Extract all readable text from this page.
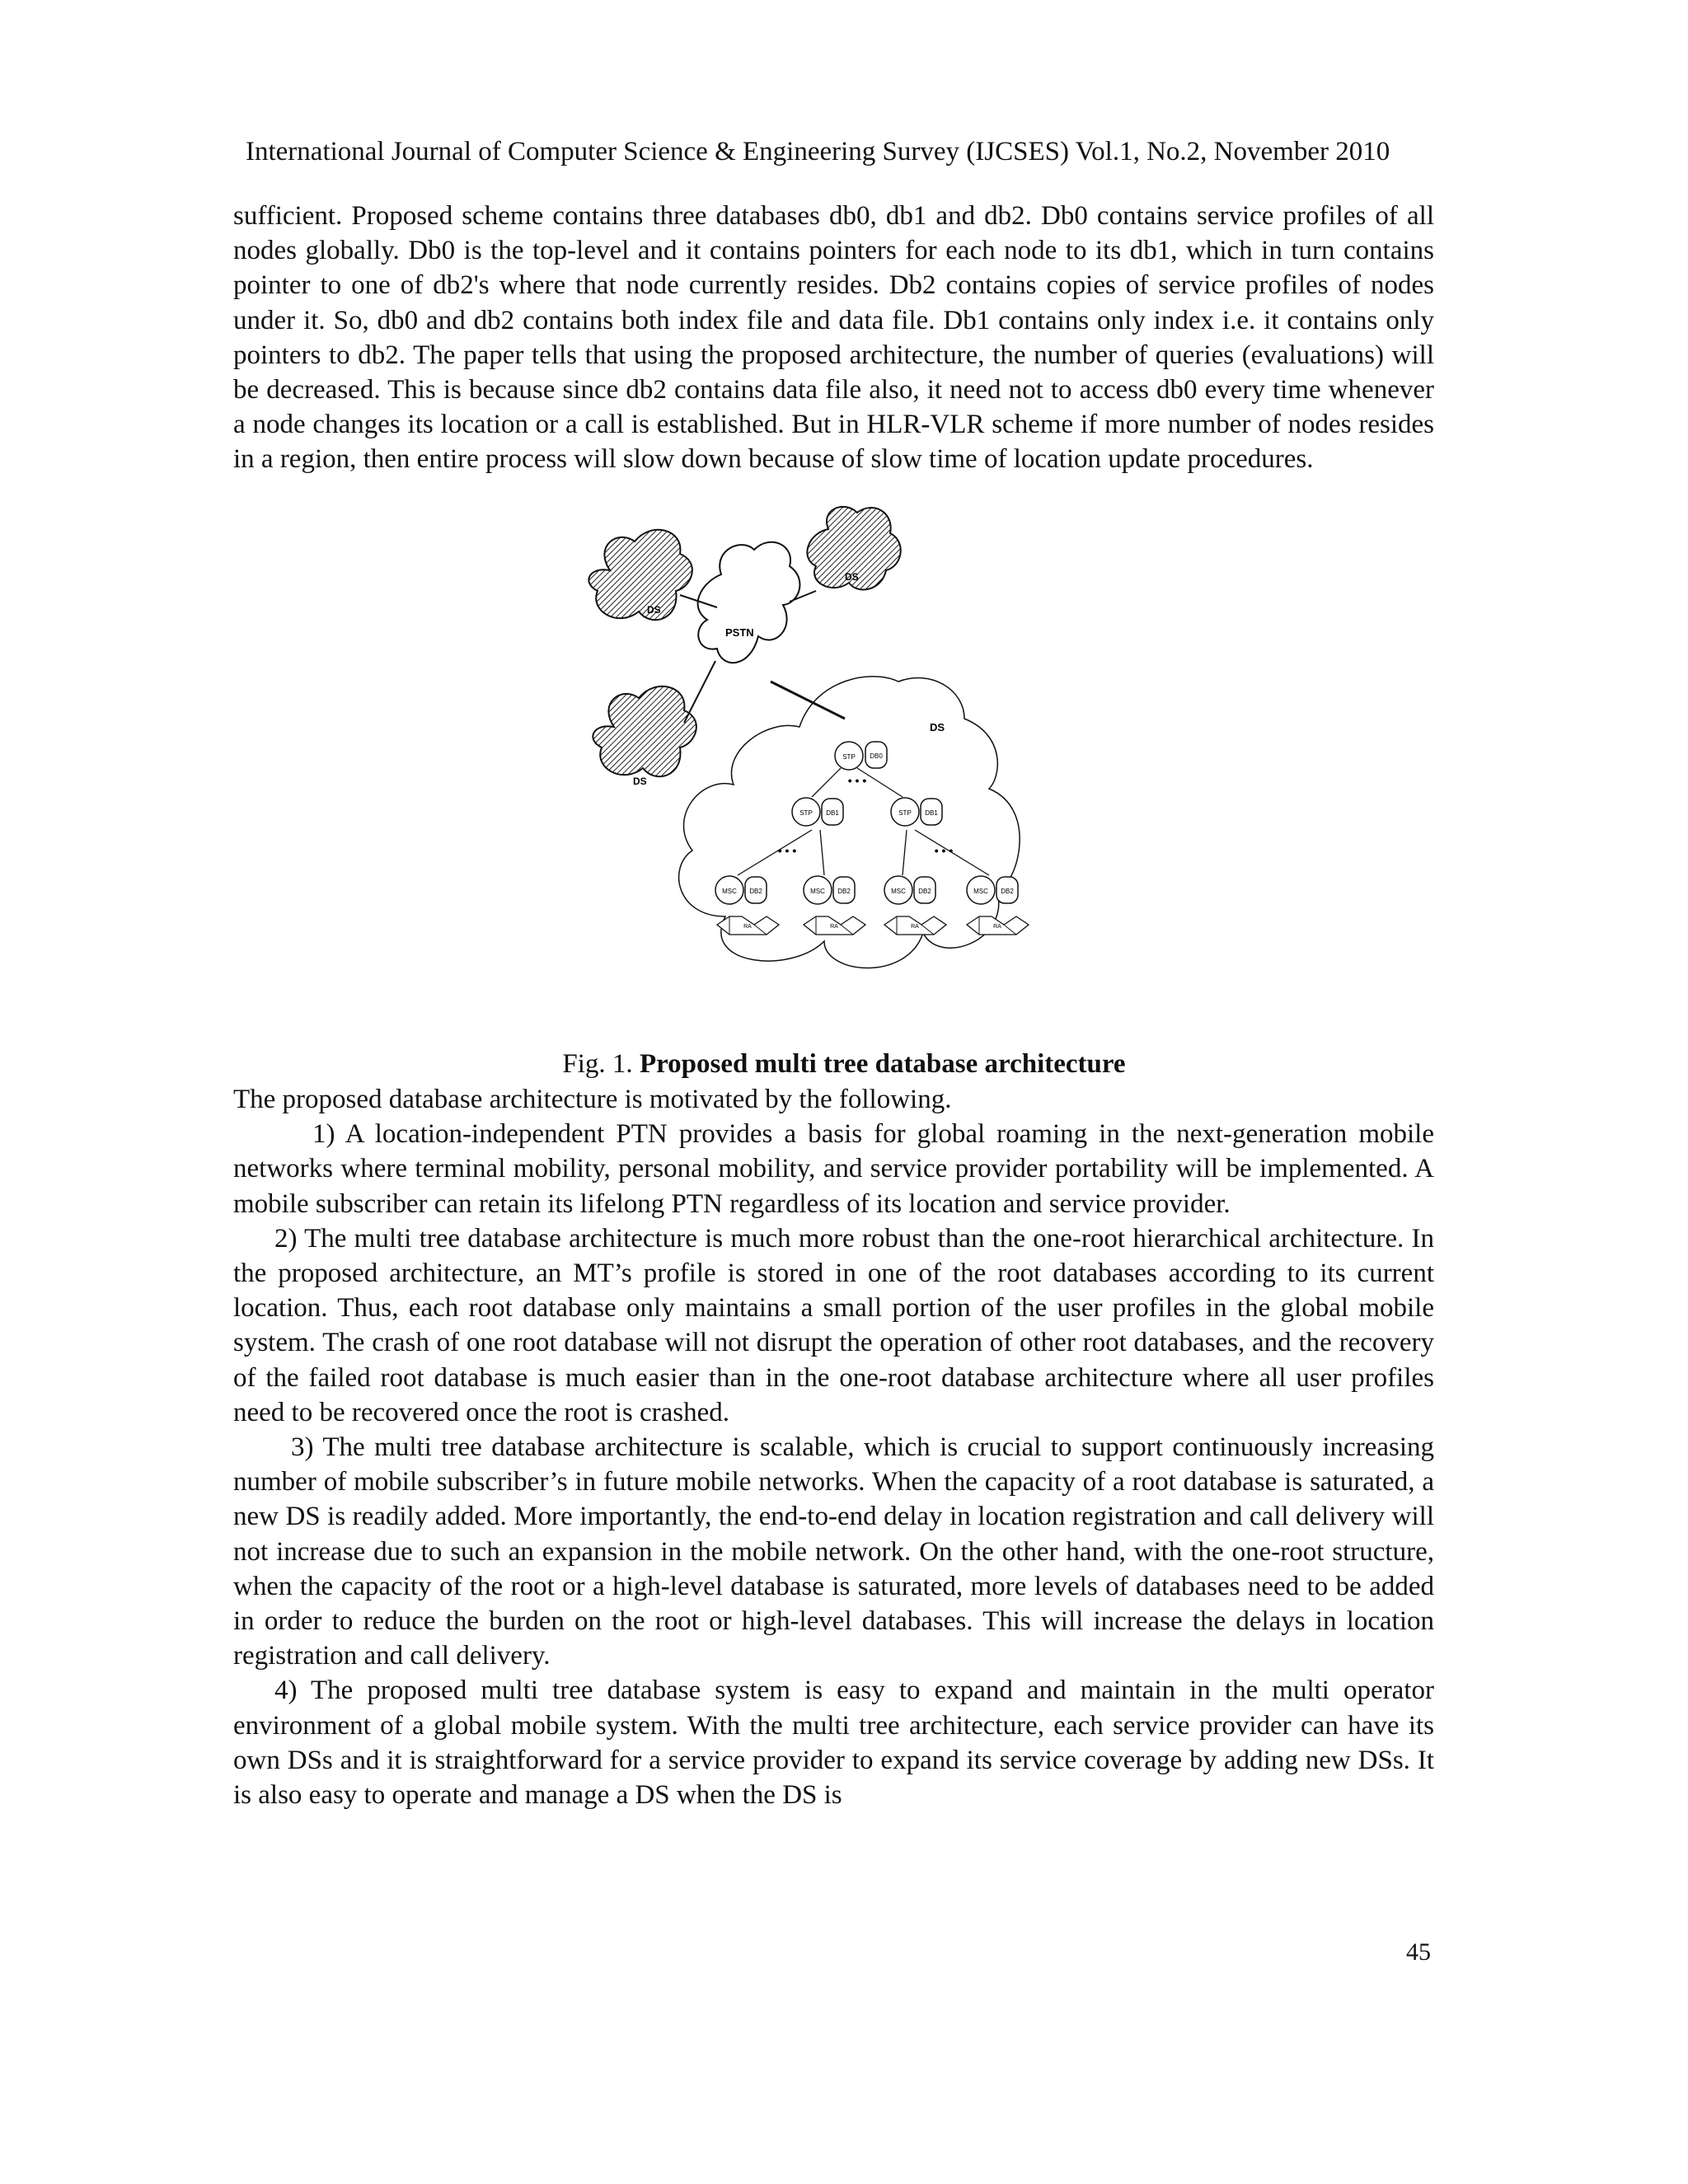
International Journal of Computer Science & Engineering Survey (IJCSES) Vol.1, No.2, November 2010

sufficient. Proposed scheme contains three databases db0, db1 and db2. Db0 contains service profiles of all nodes globally. Db0 is the top-level and it contains pointers for each node to its db1, which in turn contains pointer to one of db2's where that node currently resides. Db2 contains copies of service profiles of nodes under it. So, db0 and db2 contains both index file and data file. Db1 contains only index i.e. it contains only pointers to db2. The paper tells that using the proposed architecture, the number of queries (evaluations) will be decreased. This is because since db2 contains data file also, it need not to access db0 every time whenever a node changes its location or a call is established. But in HLR-VLR scheme if more number of nodes resides in a region, then entire process will slow down because of slow time of location update procedures.

DS
DS
DS
PSTN
DS
STP DB0
• • •
STP DB1	STP DB1
• • •	• • •
MSC DB2
RA
MSC DB2
RA
MSC DB2
RA
MSC DB2
RA
Fig. 1. Proposed multi tree database architecture

The proposed database architecture is motivated by the following.

1) A location-independent PTN provides a basis for global roaming in the next-generation mobile networks where terminal mobility, personal mobility, and service provider portability will be implemented. A mobile subscriber can retain its lifelong PTN regardless of its location and service provider.

2) The multi tree database architecture is much more robust than the one-root hierarchical architecture. In the proposed architecture, an MT’s profile is stored in one of the root databases according to its current location. Thus, each root database only maintains a small portion of the user profiles in the global mobile system. The crash of one root database will not disrupt the operation of other root databases, and the recovery of the failed root database is much easier than in the one-root database architecture where all user profiles need to be recovered once the root is crashed.

3) The multi tree database architecture is scalable, which is crucial to support continuously increasing number of mobile subscriber’s in future mobile networks. When the capacity of a root database is saturated, a new DS is readily added. More importantly, the end-to-end delay in location registration and call delivery will not increase due to such an expansion in the mobile network. On the other hand, with the one-root structure, when the capacity of the root or a high-level database is saturated, more levels of databases need to be added in order to reduce the burden on the root or high-level databases. This will increase the delays in location registration and call delivery.

4) The proposed multi tree database system is easy to expand and maintain in the multi operator environment of a global mobile system. With the multi tree architecture, each service provider can have its own DSs and it is straightforward for a service provider to expand its service coverage by adding new DSs. It is also easy to operate and manage a DS when the DS is

45
